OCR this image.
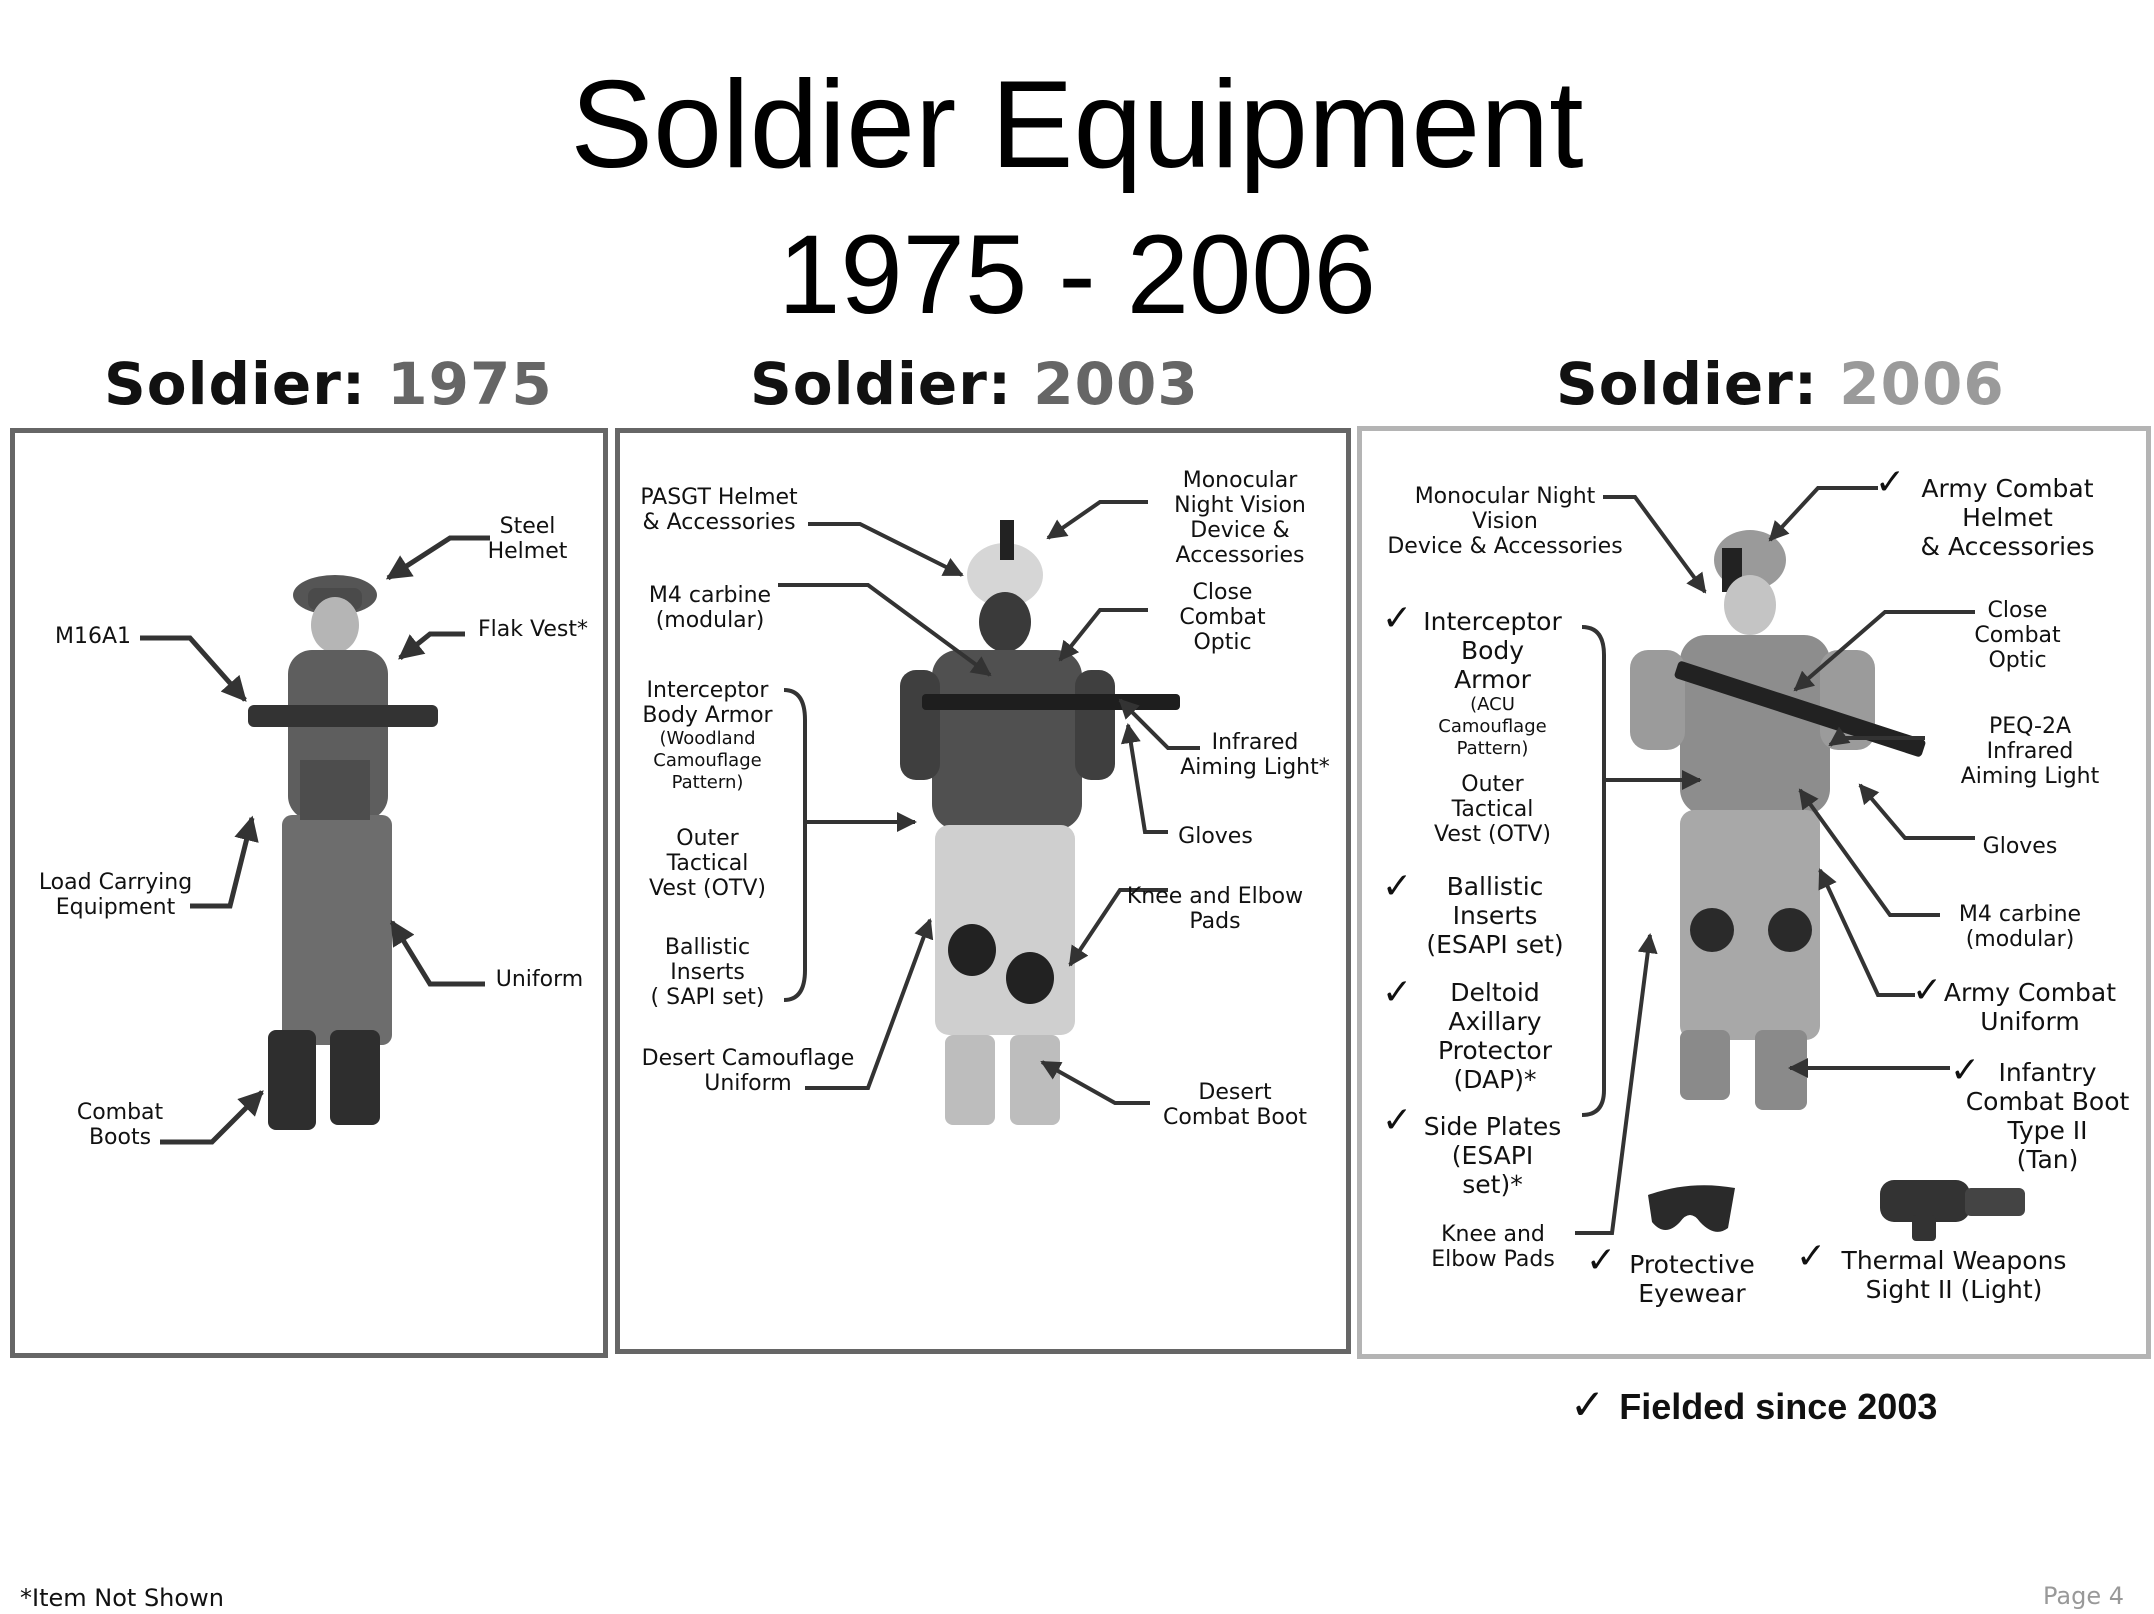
Soldier Equipment
1975 - 2006
Soldier: 1975	Soldier: 2003	Soldier: 2006
Steel
Helmet
M16A1	Flak Vest*
Load Carrying
Equipment
Uniform
Combat
Boots
PASGT Helmet
& Accessories
Monocular
Night Vision
Device &
Accessories
M4 carbine
(modular)
Close
Combat
Optic
Interceptor
Body Armor
(Woodland
Camouflage
Pattern)
Outer
Tactical
Vest (OTV)
Ballistic
Inserts
( SAPI set)
Infrared
Aiming Light*
Gloves
Knee and Elbow
Pads
Desert Camouflage
Uniform	Desert
Combat Boot
Monocular Night
Vision
Device & Accessories
✓ Army Combat
Helmet
& Accessories
✓ Interceptor
Body
Armor
(ACU
Camouflage
Pattern)
Outer
Tactical
Vest (OTV)
Close
Combat
Optic
PEQ-2A
Infrared
Aiming Light
✓	Ballistic
Inserts
(ESAPI set)
Gloves
M4 carbine
(modular)
✓	Deltoid
Axillary
Protector
(DAP)*
✓ Army Combat
Uniform
✓ Side Plates
(ESAPI
set)*
✓ Infantry
Combat Boot
Type II
(Tan)
Knee and
Elbow Pads ✓ Protective
Eyewear
✓ Thermal Weapons
Sight II (Light)
✓ Fielded since 2003
*Item Not Shown	Page 4
